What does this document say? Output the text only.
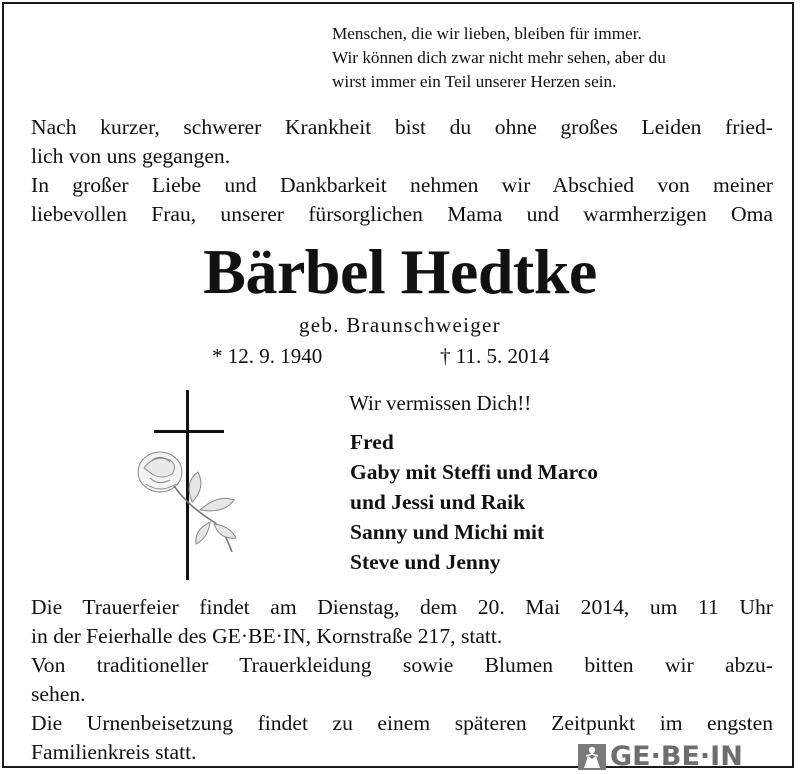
Menschen, die wir lieben, bleiben für immer.
Wir können dich zwar nicht mehr sehen, aber du
wirst immer ein Teil unserer Herzen sein.
Nach kurzer, schwerer Krankheit bist du ohne großes Leiden fried-
lich von uns gegangen.
In großer Liebe und Dankbarkeit nehmen wir Abschied von meiner
liebevollen Frau, unserer fürsorglichen Mama und warmherzigen Oma
Bärbel Hedtke
geb. Braunschweiger
* 12. 9. 1940	† 11. 5. 2014
Wir vermissen Dich!!
Fred
Gaby mit Steffi und Marco
und Jessi und Raik
Sanny und Michi mit
Steve und Jenny
Die Trauerfeier findet am Dienstag, dem 20. Mai 2014, um 11 Uhr
in der Feierhalle des GE·BE·IN, Kornstraße 217, statt.
Von traditioneller Trauerkleidung sowie Blumen bitten wir abzu-
sehen.
Die Urnenbeisetzung findet zu einem späteren Zeitpunkt im engsten
Familienkreis statt.	GE·BE·IN
